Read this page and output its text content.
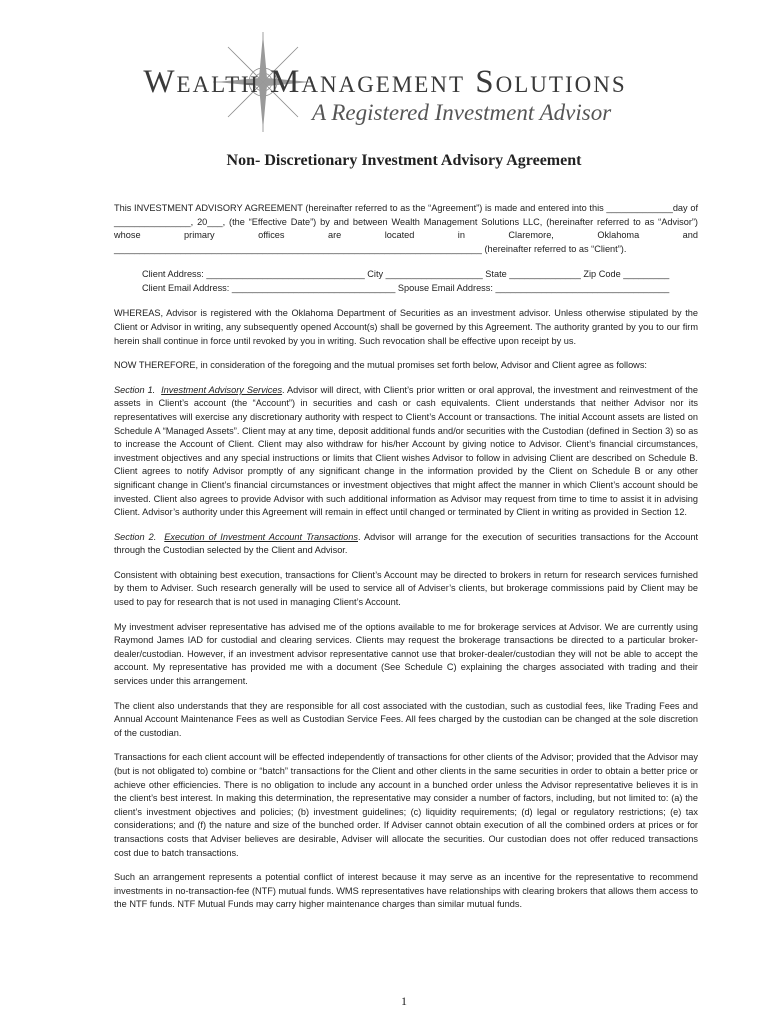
Wealth Management Solutions
A Registered Investment Advisor
Non- Discretionary Investment Advisory Agreement

This INVESTMENT ADVISORY AGREEMENT (hereinafter referred to as the “Agreement”) is made and entered into this _____________day of _______________, 20___, (the “Effective Date”) by and between Wealth Management Solutions LLC, (hereinafter referred to as “Advisor”) whose primary offices are located in Claremore, Oklahoma and ________________________________________________________________________ (hereinafter referred to as “Client”).

Client Address: _______________________________ City ___________________ State ______________ Zip Code _________
Client Email Address: ________________________________ Spouse Email Address: __________________________________

WHEREAS, Advisor is registered with the Oklahoma Department of Securities as an investment advisor. Unless otherwise stipulated by the Client or Advisor in writing, any subsequently opened Account(s) shall be governed by this Agreement. The authority granted by you to our firm herein shall continue in force until revoked by you in writing. Such revocation shall be effective upon receipt by us.

NOW THEREFORE, in consideration of the foregoing and the mutual promises set forth below, Advisor and Client agree as follows:

Section 1. Investment Advisory Services. Advisor will direct, with Client’s prior written or oral approval, the investment and reinvestment of the assets in Client’s account (the “Account”) in securities and cash or cash equivalents. Client understands that neither Advisor nor its representatives will exercise any discretionary authority with respect to Client’s Account or transactions. The initial Account assets are listed on Schedule A “Managed Assets”. Client may at any time, deposit additional funds and/or securities with the Custodian (defined in Section 3) so as to increase the Account of Client. Client may also withdraw for his/her Account by giving notice to Advisor. Client’s financial circumstances, investment objectives and any special instructions or limits that Client wishes Advisor to follow in advising Client are described on Schedule B. Client agrees to notify Advisor promptly of any significant change in the information provided by the Client on Schedule B or any other significant change in Client’s financial circumstances or investment objectives that might affect the manner in which Client’s account should be invested. Client also agrees to provide Advisor with such additional information as Advisor may request from time to time to assist it in advising Client. Advisor’s authority under this Agreement will remain in effect until changed or terminated by Client in writing as provided in Section 12.

Section 2. Execution of Investment Account Transactions. Advisor will arrange for the execution of securities transactions for the Account through the Custodian selected by the Client and Advisor.

Consistent with obtaining best execution, transactions for Client’s Account may be directed to brokers in return for research services furnished by them to Adviser. Such research generally will be used to service all of Adviser’s clients, but brokerage commissions paid by Client may be used to pay for research that is not used in managing Client’s Account.

My investment adviser representative has advised me of the options available to me for brokerage services at Advisor. We are currently using Raymond James IAD for custodial and clearing services. Clients may request the brokerage transactions be directed to a particular broker-dealer/custodian. However, if an investment advisor representative cannot use that broker-dealer/custodian they will not be able to accept the account. My representative has provided me with a document (See Schedule C) explaining the charges associated with trading and their services under this arrangement.

The client also understands that they are responsible for all cost associated with the custodian, such as custodial fees, like Trading Fees and Annual Account Maintenance Fees as well as Custodian Service Fees. All fees charged by the custodian can be changed at the sole discretion of the custodian.

Transactions for each client account will be effected independently of transactions for other clients of the Advisor; provided that the Advisor may (but is not obligated to) combine or “batch” transactions for the Client and other clients in the same securities in order to obtain a better price or achieve other efficiencies. There is no obligation to include any account in a bunched order unless the Advisor representative believes it is in the client’s best interest. In making this determination, the representative may consider a number of factors, including, but not limited to: (a) the client’s investment objectives and policies; (b) investment guidelines; (c) liquidity requirements; (d) legal or regulatory restrictions; (e) tax considerations; and (f) the nature and size of the bunched order. If Adviser cannot obtain execution of all the combined orders at prices or for transactions costs that Adviser believes are desirable, Adviser will allocate the securities. Our custodian does not offer reduced transactions cost due to batch transactions.

Such an arrangement represents a potential conflict of interest because it may serve as an incentive for the representative to recommend investments in no-transaction-fee (NTF) mutual funds. WMS representatives have relationships with clearing brokers that allows them access to the NTF funds. NTF Mutual Funds may carry higher maintenance charges than similar mutual funds.

1
